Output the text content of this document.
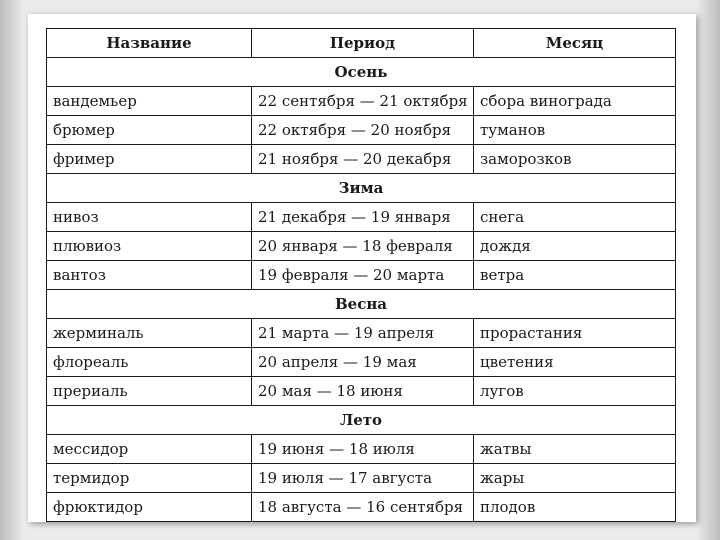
Название	Период	Месяц
Осень		
вандемьер	22 сентября — 21 октября	сбора винограда
брюмер	22 октября — 20 ноября	туманов
фример	21 ноября — 20 декабря	заморозков
Зима		
нивоз	21 декабря — 19 января	снега
плювиоз	20 января — 18 февраля	дождя
вантоз	19 февраля — 20 марта	ветра
Весна		
жерминаль	21 марта — 19 апреля	прорастания
флореаль	20 апреля — 19 мая	цветения
прериаль	20 мая — 18 июня	лугов
Лето		
мессидор	19 июня — 18 июля	жатвы
термидор	19 июля — 17 августа	жары
фрюктидор	18 августа — 16 сентября	плодов
